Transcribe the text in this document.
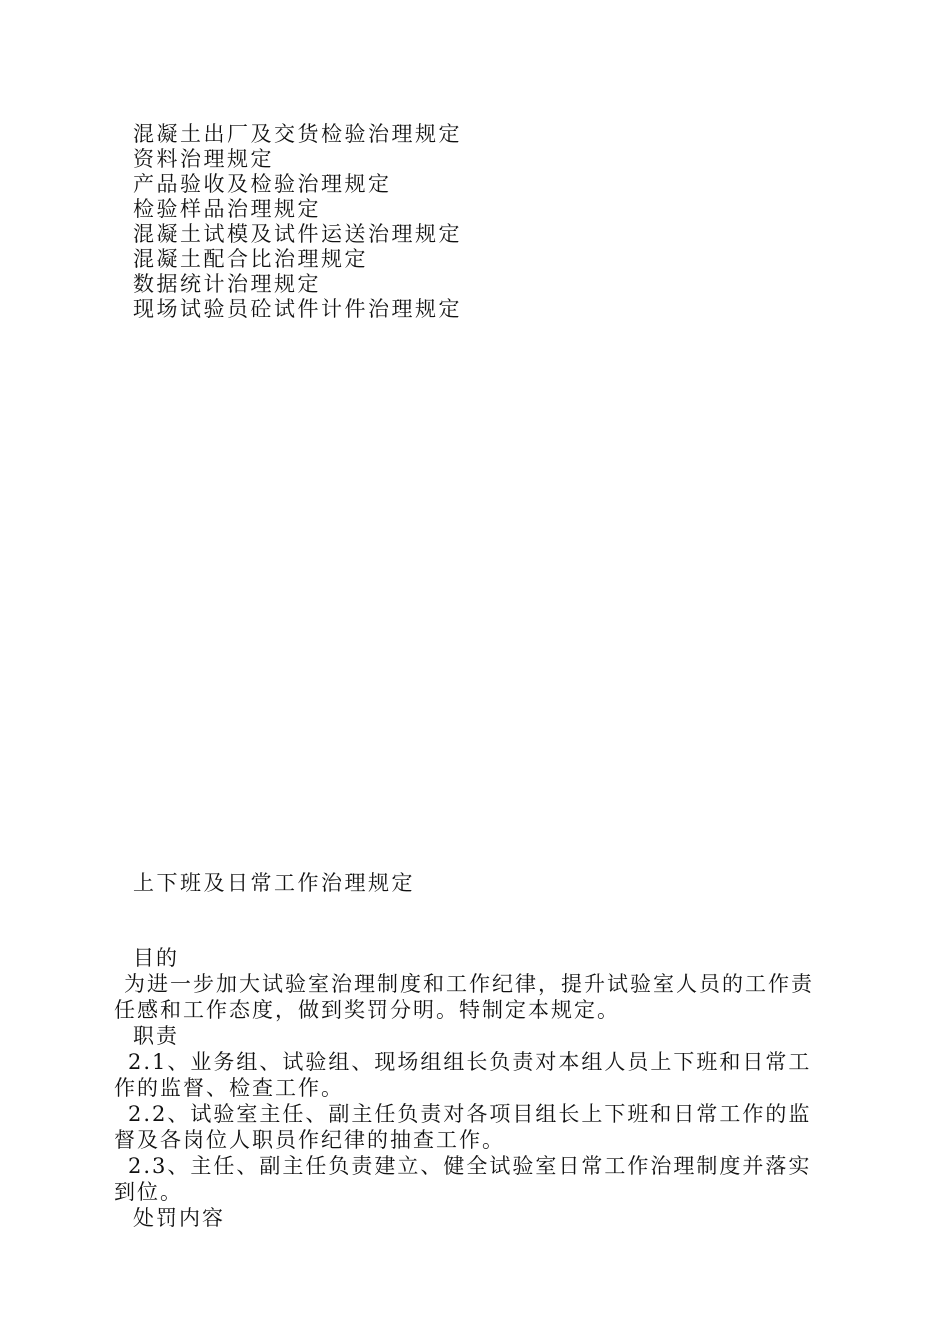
混凝土出厂及交货检验治理规定
资料治理规定
产品验收及检验治理规定
检验样品治理规定
混凝土试模及试件运送治理规定
混凝土配合比治理规定
数据统计治理规定
现场试验员砼试件计件治理规定
上下班及日常工作治理规定

目的

为进一步加大试验室治理制度和工作纪律，提升试验室人员的工作责任感和工作态度，做到奖罚分明。特制定本规定。

职责

2.1、业务组、试验组、现场组组长负责对本组人员上下班和日常工作的监督、检查工作。

2.2、试验室主任、副主任负责对各项目组长上下班和日常工作的监督及各岗位人职员作纪律的抽查工作。

2.3、主任、副主任负责建立、健全试验室日常工作治理制度并落实到位。

处罚内容
